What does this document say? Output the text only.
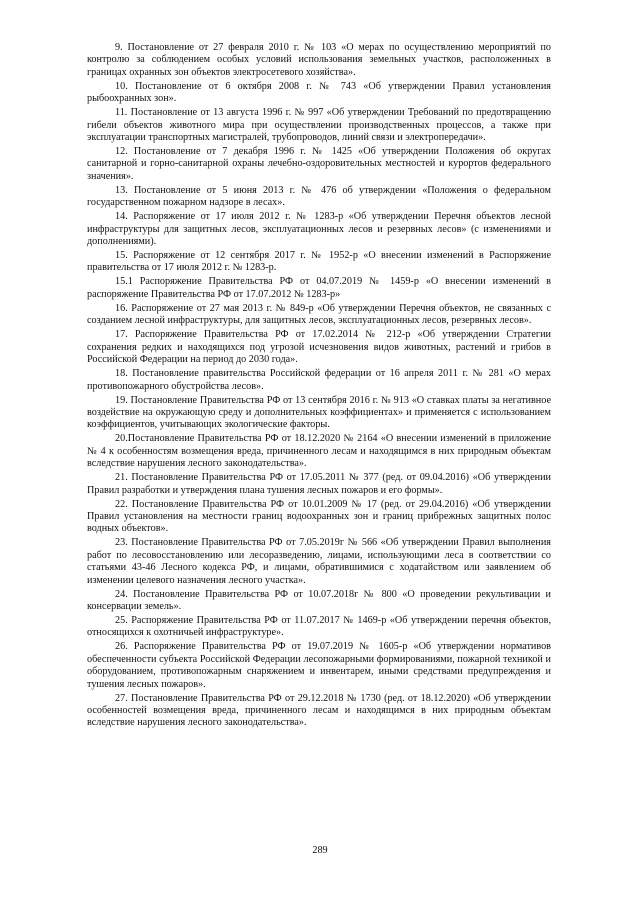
9. Постановление от 27 февраля 2010 г. № 103 «О мерах по осуществлению мероприятий по контролю за соблюдением особых условий использования земельных участков, расположенных в границах охранных зон объектов электросетевого хозяйства».

10. Постановление от 6 октября 2008 г. № 743 «Об утверждении Правил установления рыбоохранных зон».

11. Постановление от 13 августа 1996 г. № 997 «Об утверждении Требований по предотвращению гибели объектов животного мира при осуществлении производственных процессов, а также при эксплуатации транспортных магистралей, трубопроводов, линий связи и электропередачи».

12. Постановление от 7 декабря 1996 г. № 1425 «Об утверждении Положения об округах санитарной и горно-санитарной охраны лечебно-оздоровительных местностей и курортов федерального значения».

13. Постановление от 5 июня 2013 г. № 476 об утверждении «Положения о федеральном государственном пожарном надзоре в лесах».

14. Распоряжение от 17 июля 2012 г. № 1283-р «Об утверждении Перечня объектов лесной инфраструктуры для защитных лесов, эксплуатационных лесов и резервных лесов» (с изменениями и дополнениями).

15. Распоряжение от 12 сентября 2017 г. № 1952-р «О внесении изменений в Распоряжение правительства от 17 июля 2012 г. № 1283-р.

15.1 Распоряжение Правительства РФ от 04.07.2019 № 1459-р «О внесении изменений в распоряжение Правительства РФ от 17.07.2012 № 1283-р»

16. Распоряжение от 27 мая 2013 г. № 849-р «Об утверждении Перечня объектов, не связанных с созданием лесной инфраструктуры, для защитных лесов, эксплуатационных лесов, резервных лесов».

17. Распоряжение Правительства РФ от 17.02.2014 № 212-р «Об утверждении Стратегии сохранения редких и находящихся под угрозой исчезновения видов животных, растений и грибов в Российской Федерации на период до 2030 года».

18. Постановление правительства Российской федерации от 16 апреля 2011 г. № 281 «О мерах противопожарного обустройства лесов».

19. Постановление Правительства РФ от 13 сентября 2016 г. № 913 «О ставках платы за негативное воздействие на окружающую среду и дополнительных коэффициентах» и применяется с использованием коэффициентов, учитывающих экологические факторы.

20.Постановление Правительства РФ от 18.12.2020 № 2164 «О внесении изменений в приложение № 4 к особенностям возмещения вреда, причиненного лесам и находящимся в них природным объектам вследствие нарушения лесного законодательства».

21. Постановление Правительства РФ от 17.05.2011 № 377 (ред. от 09.04.2016) «Об утверждении Правил разработки и утверждения плана тушения лесных пожаров и его формы».

22. Постановление Правительства РФ от 10.01.2009 № 17 (ред. от 29.04.2016) «Об утверждении Правил установления на местности границ водоохранных зон и границ прибрежных защитных полос водных объектов».

23. Постановление Правительства РФ от 7.05.2019г № 566 «Об утверждении Правил выполнения работ по лесовосстановлению или лесоразведению, лицами, использующими леса в соответствии со статьями 43-46 Лесного кодекса РФ, и лицами, обратившимися с ходатайством или заявлением об изменении целевого назначения лесного участка».

24. Постановление Правительства РФ от 10.07.2018г № 800 «О проведении рекультивации и консервации земель».

25. Распоряжение Правительства РФ от 11.07.2017 № 1469-р «Об утверждении перечня объектов, относящихся к охотничьей инфраструктуре».

26. Распоряжение Правительства РФ от 19.07.2019 № 1605-р «Об утверждении нормативов обеспеченности субъекта Российской Федерации лесопожарными формированиями, пожарной техникой и оборудованием, противопожарным снаряжением и инвентарем, иными средствами предупреждения и тушения лесных пожаров».

27. Постановление Правительства РФ от 29.12.2018 № 1730 (ред. от 18.12.2020) «Об утверждении особенностей возмещения вреда, причиненного лесам и находящимся в них природным объектам вследствие нарушения лесного законодательства».

289
